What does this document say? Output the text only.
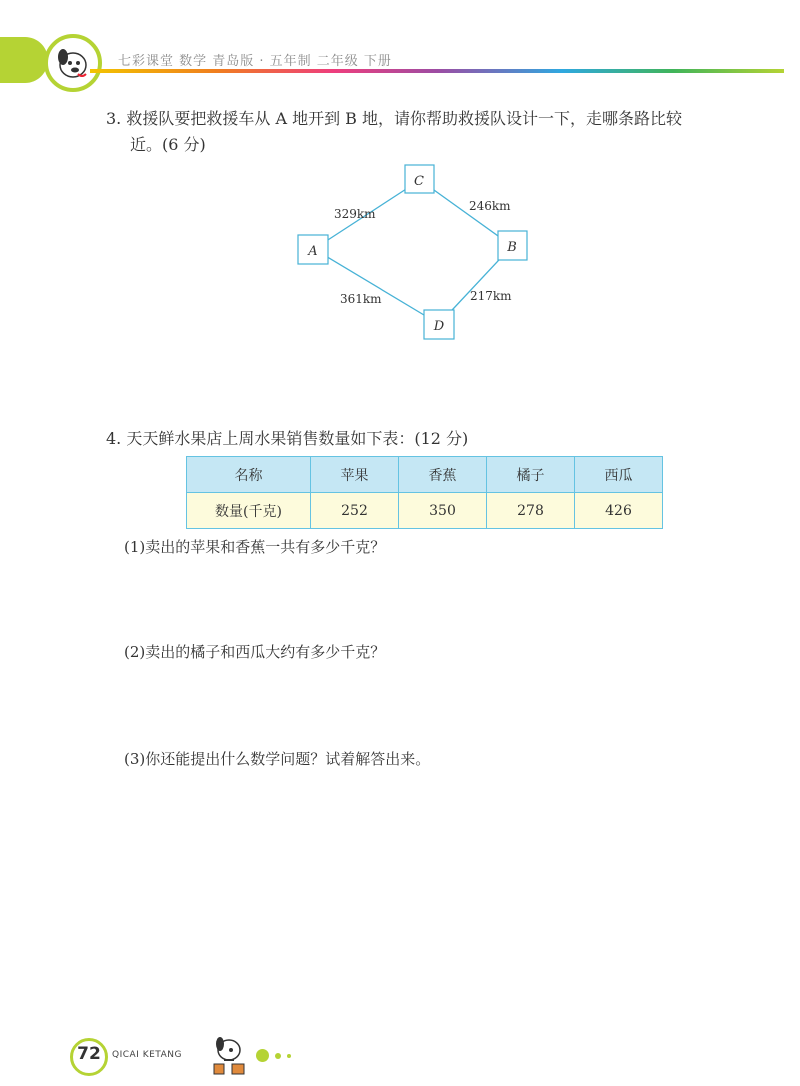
七彩课堂 数学 青岛版 · 五年制 二年级 下册
3. 救援队要把救援车从 A 地开到 B 地，请你帮助救援队设计一下，走哪条路比较
近。(6 分)
C
A	B
D
329km
246km
361km	217km
4. 天天鲜水果店上周水果销售数量如下表：(12 分)
名称	苹果	香蕉	橘子	西瓜
数量(千克)	252	350	278	426
(1)卖出的苹果和香蕉一共有多少千克？
(2)卖出的橘子和西瓜大约有多少千克？
(3)你还能提出什么数学问题？试着解答出来。
72	QICAI KETANG
